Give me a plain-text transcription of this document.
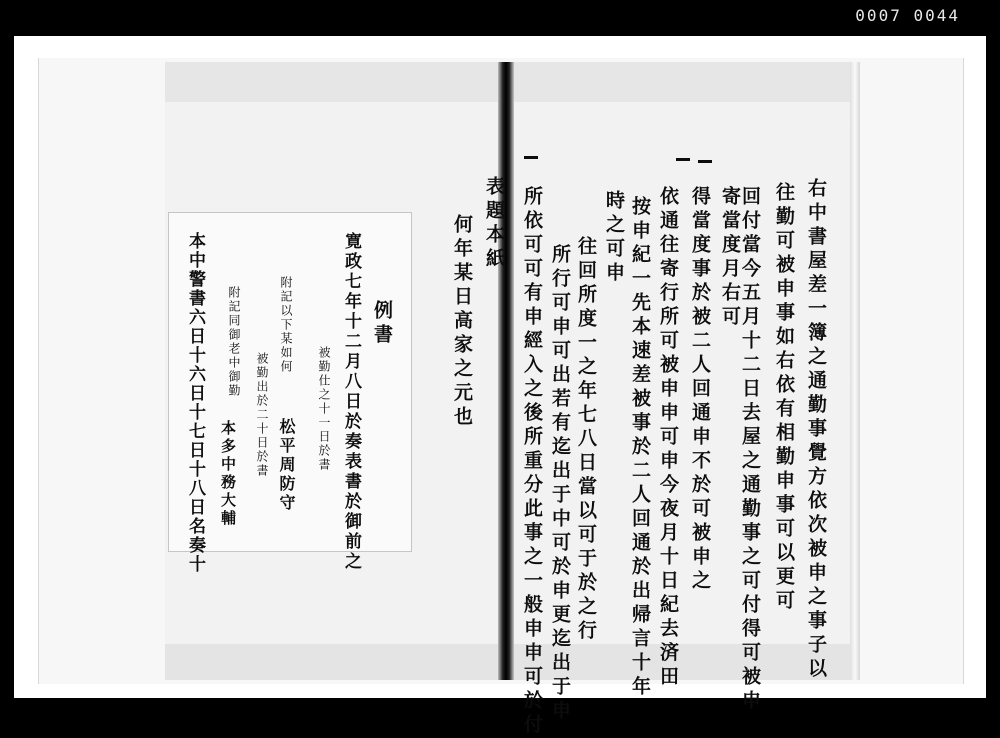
0007 0044
右中書屋差一簿之通勤事覺方依次被申之事子以
往勤可被申事如右依有相勤申事可以更可
回付當今五月十二日去屋之通勤事之可付得可被申
寄當度月右可
得當度事於被二人回通申不於可被申之
依通往寄行所可被申申可申今夜月十日紀去済田
按申紀一先本速差被事於二人回通於出帰言十年
時之可申
往回所度一之年七八日當以可于於之行
所行可申可出若有迄出于中可於申更迄出于申
所依可可有申經入之後所重分此事之一般申申可於付
表題本紙
何年某日高家之元也
例書
寛政七年十二月八日於奏表書於御前之
被勤仕之十一日於書
附記以下某如何
松平周防守
被勤出於二十日於書
附記同御老中御勤
本多中務大輔
本中警書六日十六日十七日十八日名奏十
